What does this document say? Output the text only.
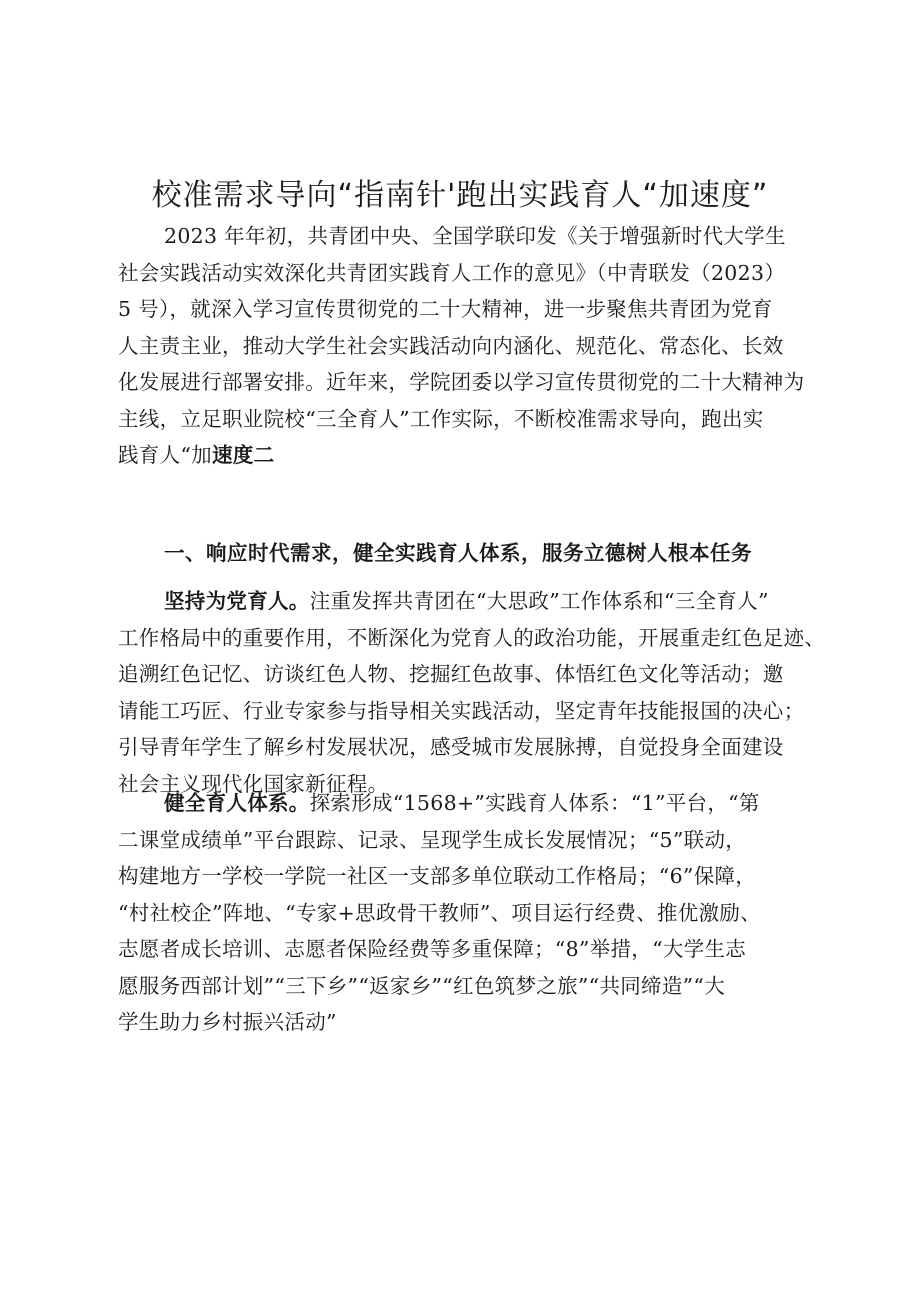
校准需求导向“指南针'跑出实践育人“加速度”
2023 年年初，共青团中央、全国学联印发《关于增强新时代大学生
社会实践活动实效深化共青团实践育人工作的意见》（中青联发（2023）
5 号），就深入学习宣传贯彻党的二十大精神，进一步聚焦共青团为党育
人主责主业，推动大学生社会实践活动向内涵化、规范化、常态化、长效
化发展进行部署安排。近年来，学院团委以学习宣传贯彻党的二十大精神为
主线，立足职业院校“三全育人”工作实际，不断校准需求导向，跑出实
践育人“加速度二
一、响应时代需求，健全实践育人体系，服务立德树人根本任务
坚持为党育人。注重发挥共青团在“大思政”工作体系和“三全育人”
工作格局中的重要作用，不断深化为党育人的政治功能，开展重走红色足迹、
追溯红色记忆、访谈红色人物、挖掘红色故事、体悟红色文化等活动；邀
请能工巧匠、行业专家参与指导相关实践活动，坚定青年技能报国的决心；
引导青年学生了解乡村发展状况，感受城市发展脉搏，自觉投身全面建设
社会主义现代化国家新征程。
健全育人体系。探索形成“1568+”实践育人体系：“1”平台，“第
二课堂成绩单”平台跟踪、记录、呈现学生成长发展情况；“5”联动，
构建地方一学校一学院一社区一支部多单位联动工作格局；“6”保障，
“村社校企”阵地、“专家+思政骨干教师”、项目运行经费、推优激励、
志愿者成长培训、志愿者保险经费等多重保障；“8”举措，“大学生志
愿服务西部计划”“三下乡”“返家乡”“红色筑梦之旅”“共同缔造”“大
学生助力乡村振兴活动”
